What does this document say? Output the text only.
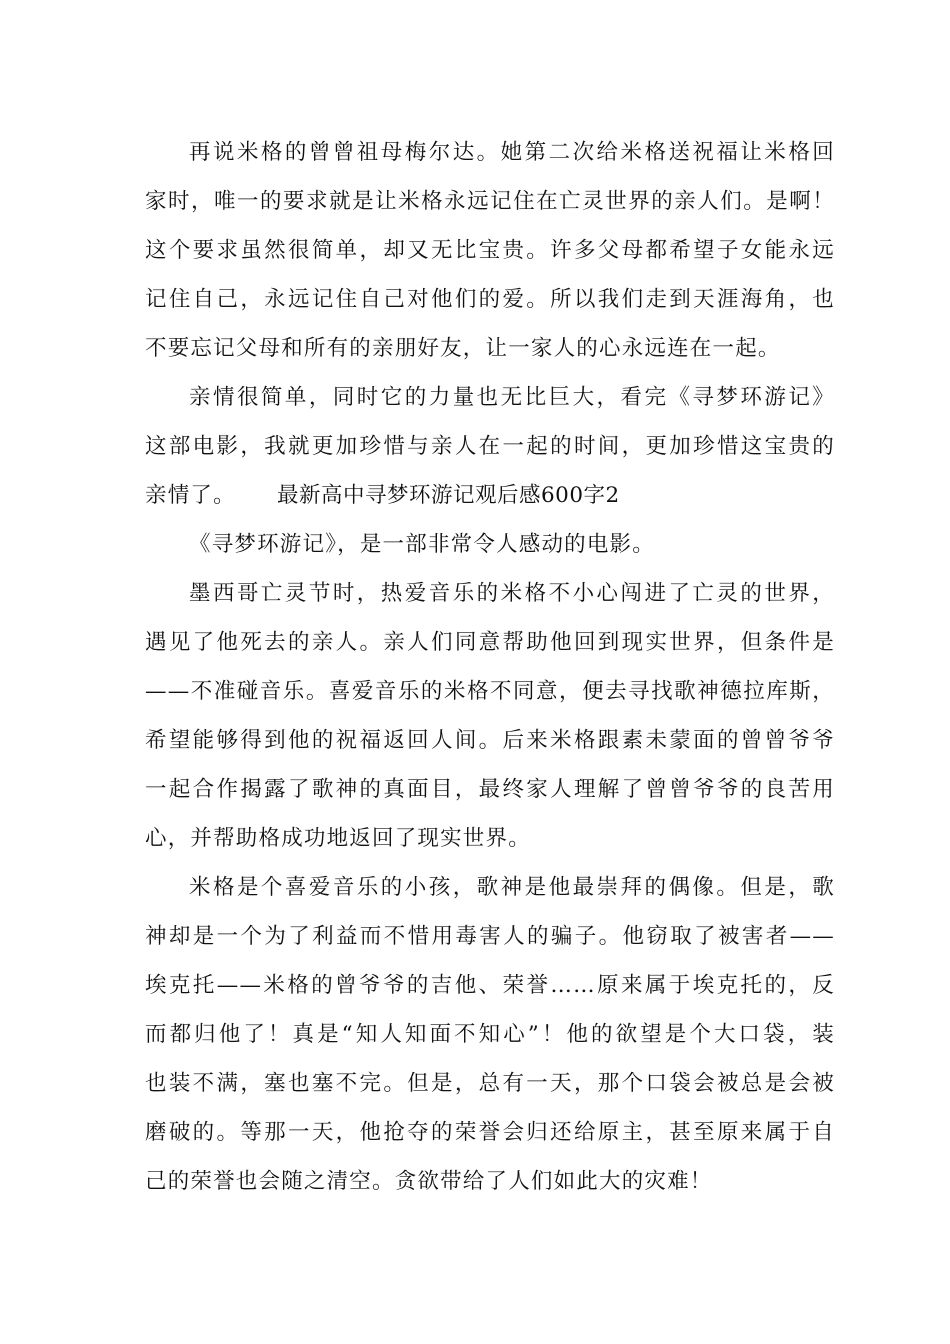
再说米格的曾曾祖母梅尔达。她第二次给米格送祝福让米格回
家时，唯一的要求就是让米格永远记住在亡灵世界的亲人们。是啊！
这个要求虽然很简单，却又无比宝贵。许多父母都希望子女能永远
记住自己，永远记住自己对他们的爱。所以我们走到天涯海角，也
不要忘记父母和所有的亲朋好友，让一家人的心永远连在一起。
亲情很简单，同时它的力量也无比巨大，看完《寻梦环游记》
这部电影，我就更加珍惜与亲人在一起的时间，更加珍惜这宝贵的
亲情了。	最新高中寻梦环游记观后感600字2
《寻梦环游记》，是一部非常令人感动的电影。
墨西哥亡灵节时，热爱音乐的米格不小心闯进了亡灵的世界，
遇见了他死去的亲人。亲人们同意帮助他回到现实世界，但条件是
——不准碰音乐。喜爱音乐的米格不同意，便去寻找歌神德拉库斯，
希望能够得到他的祝福返回人间。后来米格跟素未蒙面的曾曾爷爷
一起合作揭露了歌神的真面目，最终家人理解了曾曾爷爷的良苦用
心，并帮助格成功地返回了现实世界。
米格是个喜爱音乐的小孩，歌神是他最崇拜的偶像。但是，歌
神却是一个为了利益而不惜用毒害人的骗子。他窃取了被害者——
埃克托——米格的曾爷爷的吉他、荣誉……原来属于埃克托的，反
而都归他了！真是“知人知面不知心”！他的欲望是个大口袋，装
也装不满，塞也塞不完。但是，总有一天，那个口袋会被总是会被
磨破的。等那一天，他抢夺的荣誉会归还给原主，甚至原来属于自
己的荣誉也会随之清空。贪欲带给了人们如此大的灾难！
